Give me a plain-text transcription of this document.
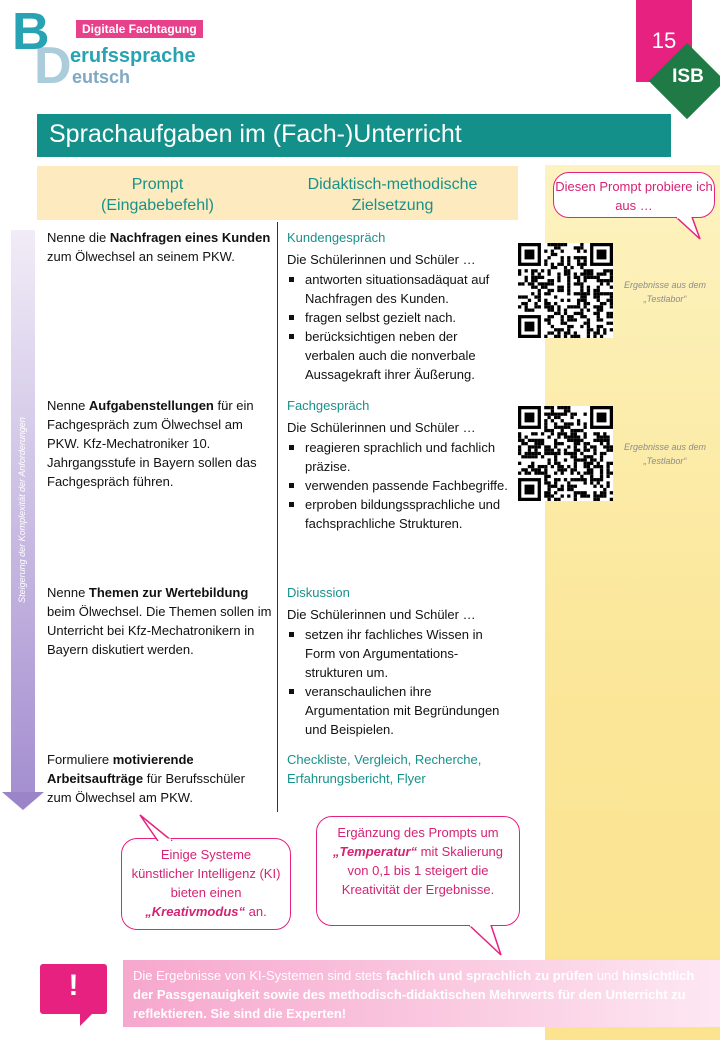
D
B	Digitale Fachtagung
erufssprache
eutsch
15
ISB
Sprachaufgaben im (Fach-)Unterricht
Prompt
(Eingabebefehl)
Didaktisch-methodische
Zielsetzung
Steigerung der Komplexität der Anforderungen
Nenne die Nachfragen eines Kunden zum Ölwechsel an seinem PKW.
Kundengespräch
Die Schülerinnen und Schüler …
antworten situationsadäquat auf Nachfragen des Kunden.
fragen selbst gezielt nach.
berücksichtigen neben der verbalen auch die nonverbale Aussagekraft ihrer Äußerung.
Nenne Aufgabenstellungen für ein Fachgespräch zum Ölwechsel am PKW. Kfz-Mechatroniker 10. Jahrgangsstufe in Bayern sollen das Fachgespräch führen.
Fachgespräch
Die Schülerinnen und Schüler …
reagieren sprachlich und fachlich präzise.
verwenden passende Fachbegriffe.
erproben bildungssprachliche und fachsprachliche Strukturen.
Nenne Themen zur Wertebildung beim Ölwechsel. Die Themen sollen im Unterricht bei Kfz-Mechatronikern in Bayern diskutiert werden.
Diskussion
Die Schülerinnen und Schüler …
setzen ihr fachliches Wissen in Form von Argumentations-strukturen um.
veranschaulichen ihre Argumentation mit Begründungen und Beispielen.
Formuliere motivierende Arbeitsaufträge für Berufsschüler zum Ölwechsel am PKW.
Checkliste, Vergleich, Recherche, Erfahrungsbericht, Flyer
Ergebnisse aus dem „Testlabor“
Ergebnisse aus dem „Testlabor“
Diesen Prompt probiere ich aus …
Einige Systeme künstlicher Intelligenz (KI) bieten einen „Kreativmodus“ an.
Ergänzung des Prompts um „Temperatur“ mit Skalierung von 0,1 bis 1 steigert die Kreativität der Ergebnisse.
!	Die Ergebnisse von KI-Systemen sind stets fachlich und sprachlich zu prüfen und hinsichtlich der Passgenauigkeit sowie des methodisch-didaktischen Mehrwerts für den Unterricht zu reflektieren. Sie sind die Experten!
